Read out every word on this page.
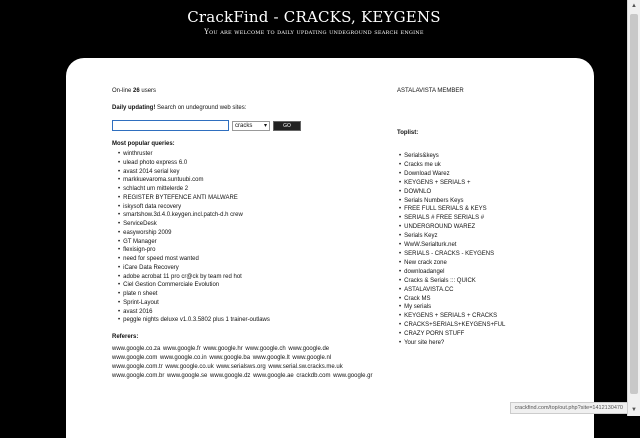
CrackFind - CRACKS, KEYGENS
You are welcome to daily updating undeground search engine
On-line 26 users
Daily updating! Search on undeground web sites:
cracks ▾	GO
Most popular queries:
• winthruster
• ulead photo express 6.0
• avast 2014 serial key
• markkuevaroma.suntuubi.com
• schlacht um mittelerde 2
• REGISTER BYTEFENCE ANTI MALWARE
• iskysoft data recovery
• smartshow.3d.4.0.keygen.incl.patch-d.h crew
• ServiceDesk
• easyworship 2009
• GT Manager
• flexisign-pro
• need for speed most wanted
• iCare Data Recovery
• adobe acrobat 11 pro cr@ck by team red hot
• Ciel Gestion Commerciale Evolution
• plate n sheet
• Sprint-Layout
• avast 2016
• peggle nights deluxe v1.0.3.5802 plus 1 trainer-outlaws
Referers:
www.google.co.za www.google.fr www.google.hr www.google.ch www.google.de www.google.com www.google.co.in www.google.ba www.google.lt www.google.nl www.google.com.tr www.google.co.uk www.serialsws.org www.serial.sw.cracks.me.uk www.google.com.br www.google.se www.google.dz www.google.ae crackdb.com www.google.gr
ASTALAVISTA MEMBER
Toplist:
• Serials&keys
• Cracks me uk
• Download Warez
• KEYGENS + SERIALS +
• DOWNLO
• Serials Numbers Keys
• FREE FULL SERIALS & KEYS
• SERIALS # FREE SERIALS #
• UNDERGROUND WAREZ
• Serials Keyz
• WwW.Serialturk.net
• SERIALS - CRACKS - KEYGENS
• New crack zone
• downloadangel
• Cracks & Serials ::: QUICK
• ASTALAVISTA.CC
• Crack MS
• My serials
• KEYGENS + SERIALS + CRACKS
• CRACKS+SERIALS+KEYGENS+FUL
• CRAZY PORN STUFF
• Your site here?
▲
▼
crackfind.com/top/out.php?site=1412130470
